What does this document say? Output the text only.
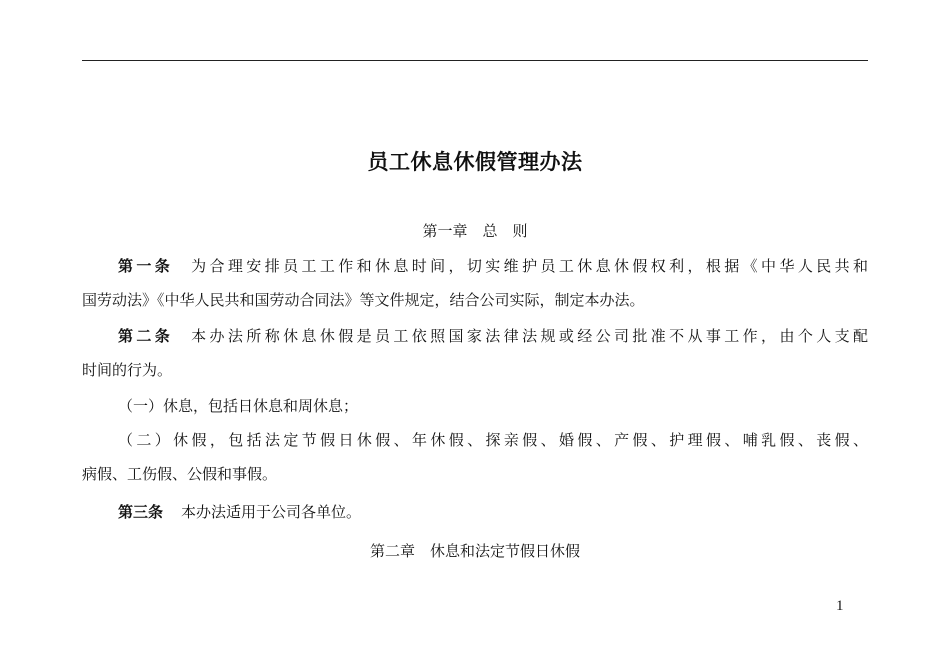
员工休息休假管理办法
第一章　总　则
第一条 为合理安排员工工作和休息时间，切实维护员工休息休假权利，根据《中华人民共和
国劳动法》《中华人民共和国劳动合同法》等文件规定，结合公司实际，制定本办法。
第二条 本办法所称休息休假是员工依照国家法律法规或经公司批准不从事工作，由个人支配
时间的行为。
（一）休息，包括日休息和周休息；
（二）休假，包括法定节假日休假、年休假、探亲假、婚假、产假、护理假、哺乳假、丧假、
病假、工伤假、公假和事假。
第三条 本办法适用于公司各单位。
第二章　休息和法定节假日休假
1
